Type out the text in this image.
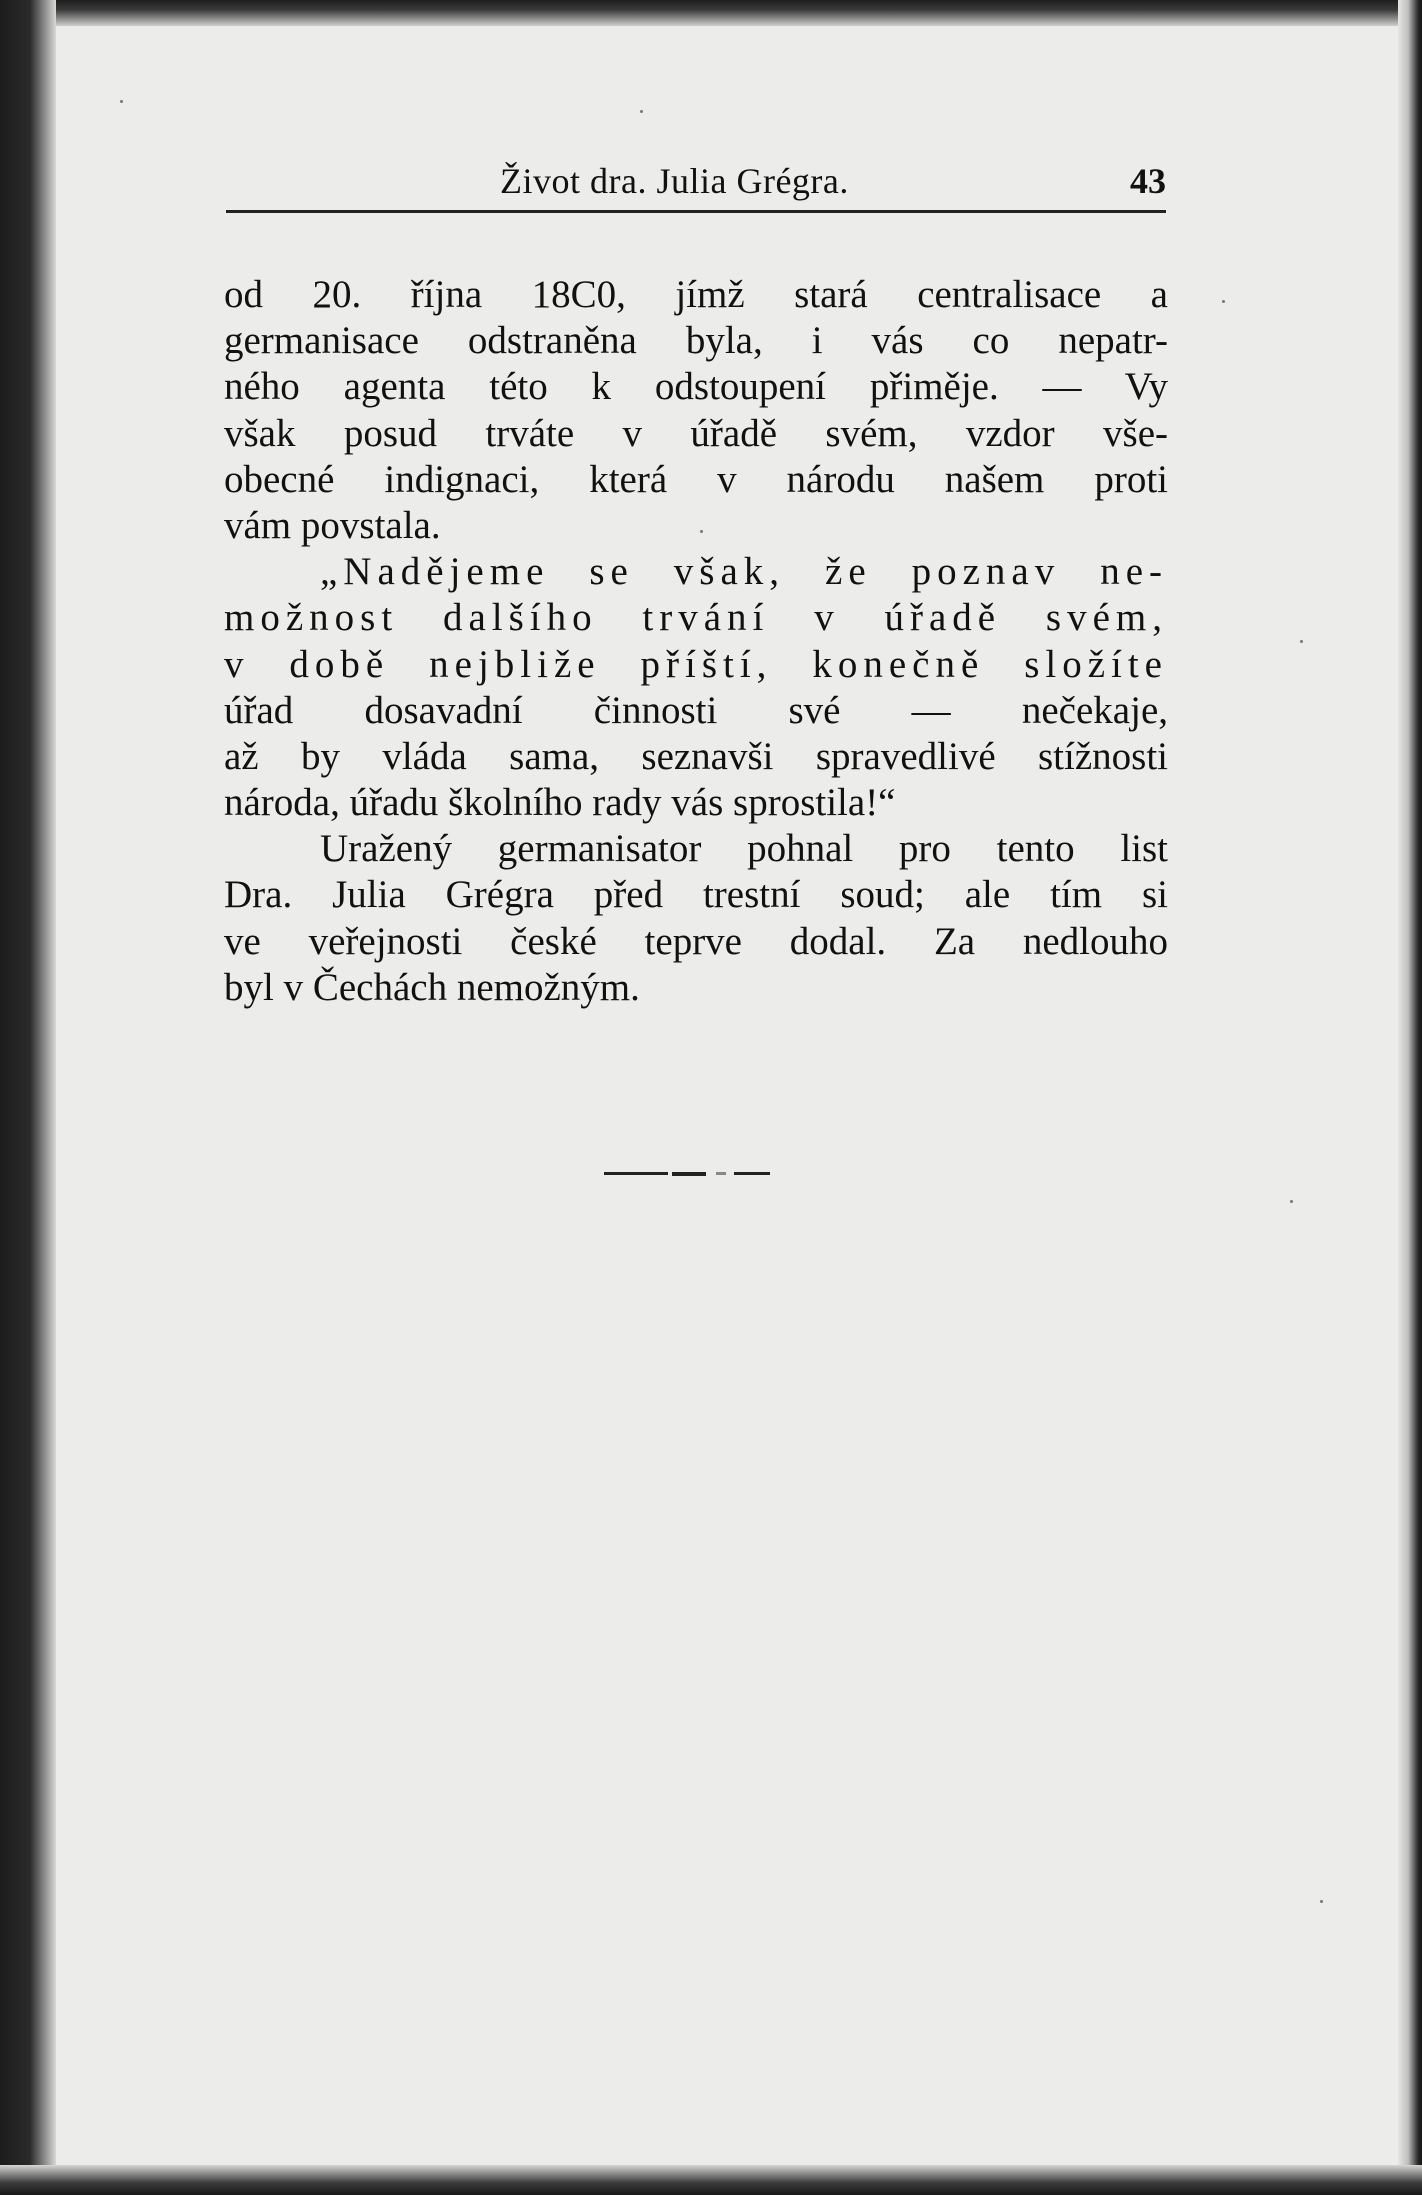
Život dra. Julia Grégra.	43
od 20. října 18C0, jímž stará centralisace a
germanisace odstraněna byla, i vás co nepatr-
ného agenta této k odstoupení přiměje. — Vy
však posud trváte v úřadě svém, vzdor vše-
obecné indignaci, která v národu našem proti
vám povstala.
„Nadějeme se však, že poznav ne-
možnost dalšího trvání v úřadě svém,
v době nejbliže příští, konečně složíte
úřad dosavadní činnosti své — nečekaje,
až by vláda sama, seznavši spravedlivé stížnosti
národa, úřadu školního rady vás sprostila!“
Uražený germanisator pohnal pro tento list
Dra. Julia Grégra před trestní soud; ale tím si
ve veřejnosti české teprve dodal. Za nedlouho
byl v Čechách nemožným.
